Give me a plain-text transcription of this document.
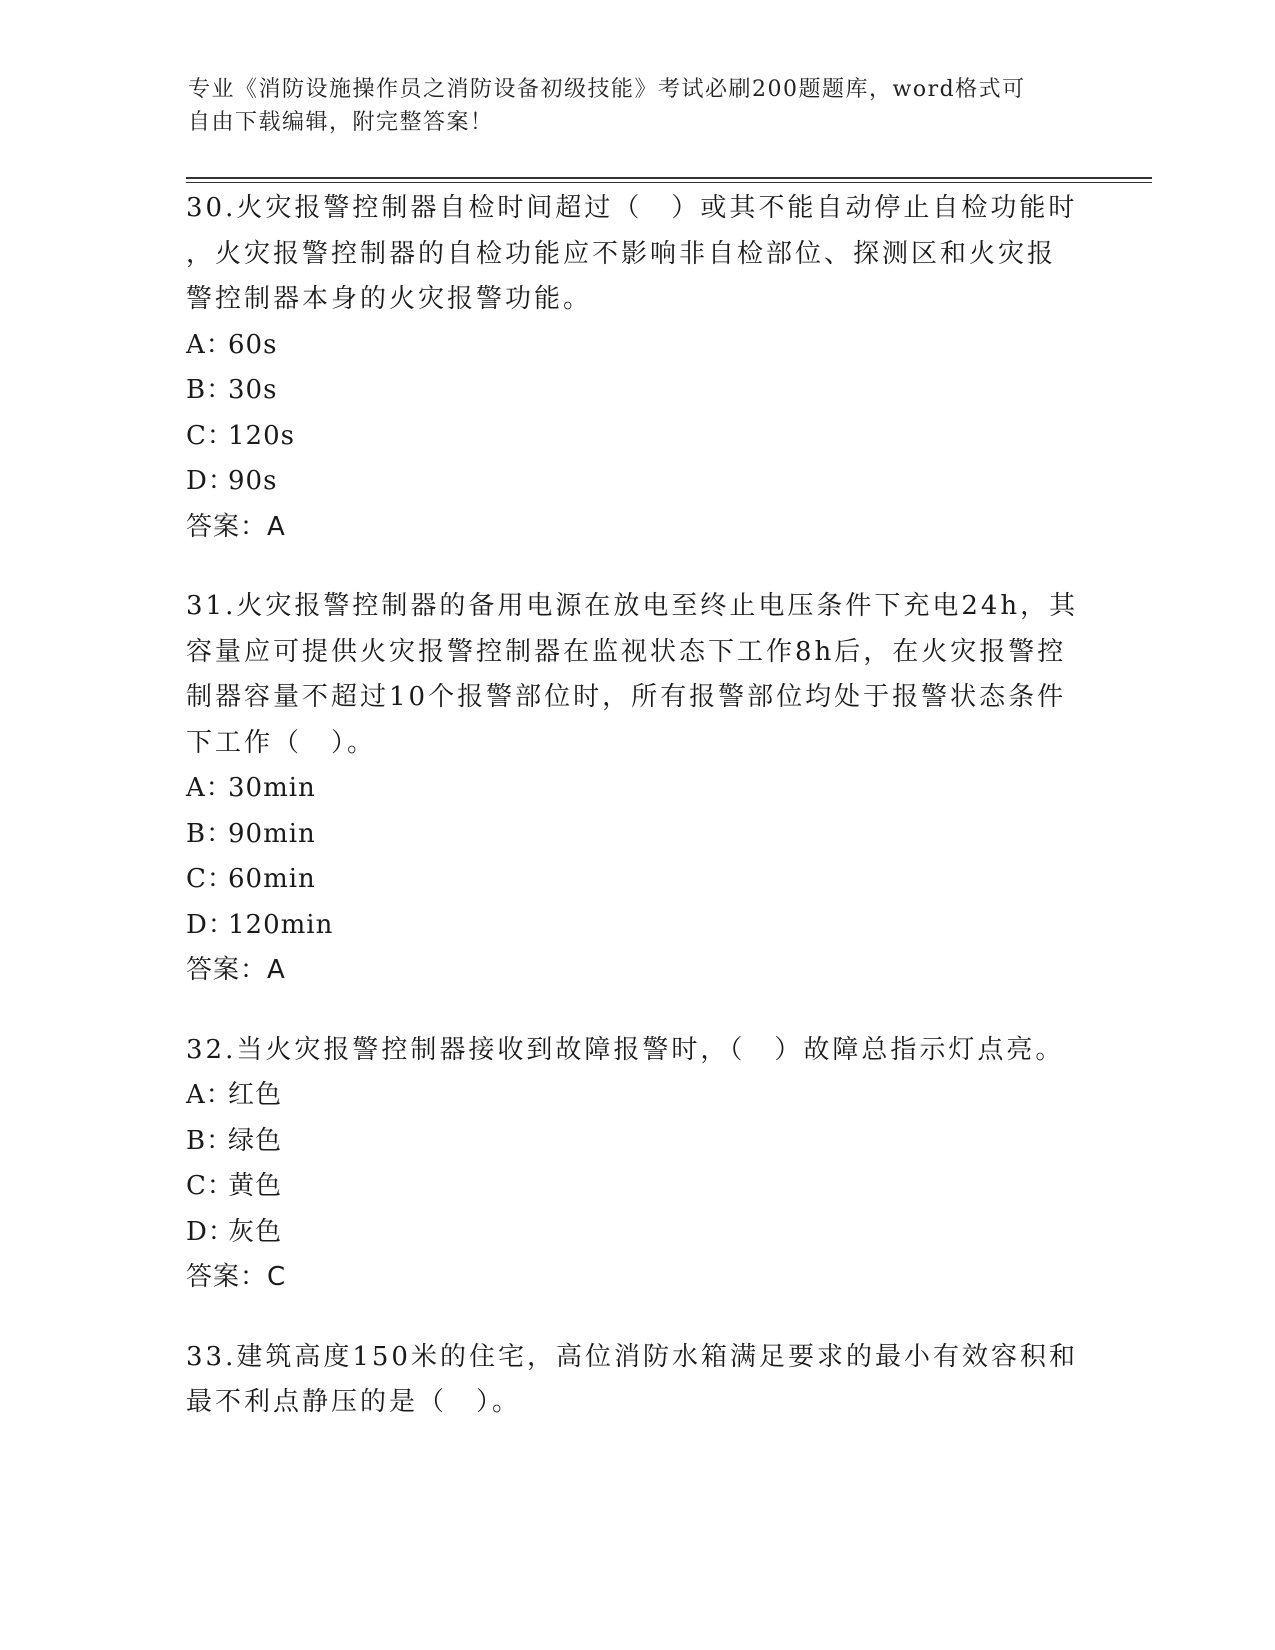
专业《消防设施操作员之消防设备初级技能》考试必刷200题题库，word格式可
自由下载编辑，附完整答案！

30.火灾报警控制器自检时间超过（　）或其不能自动停止自检功能时

，火灾报警控制器的自检功能应不影响非自检部位、探测区和火灾报

警控制器本身的火灾报警功能。

A：60s

B：30s

C：120s

D：90s

答案：A

31.火灾报警控制器的备用电源在放电至终止电压条件下充电24h，其

容量应可提供火灾报警控制器在监视状态下工作8h后，在火灾报警控

制器容量不超过10个报警部位时，所有报警部位均处于报警状态条件

下工作（　）。

A：30min

B：90min

C：60min

D：120min

答案：A

32.当火灾报警控制器接收到故障报警时，（　）故障总指示灯点亮。

A：红色

B：绿色

C：黄色

D：灰色

答案：C

33.建筑高度150米的住宅，高位消防水箱满足要求的最小有效容积和

最不利点静压的是（　）。
